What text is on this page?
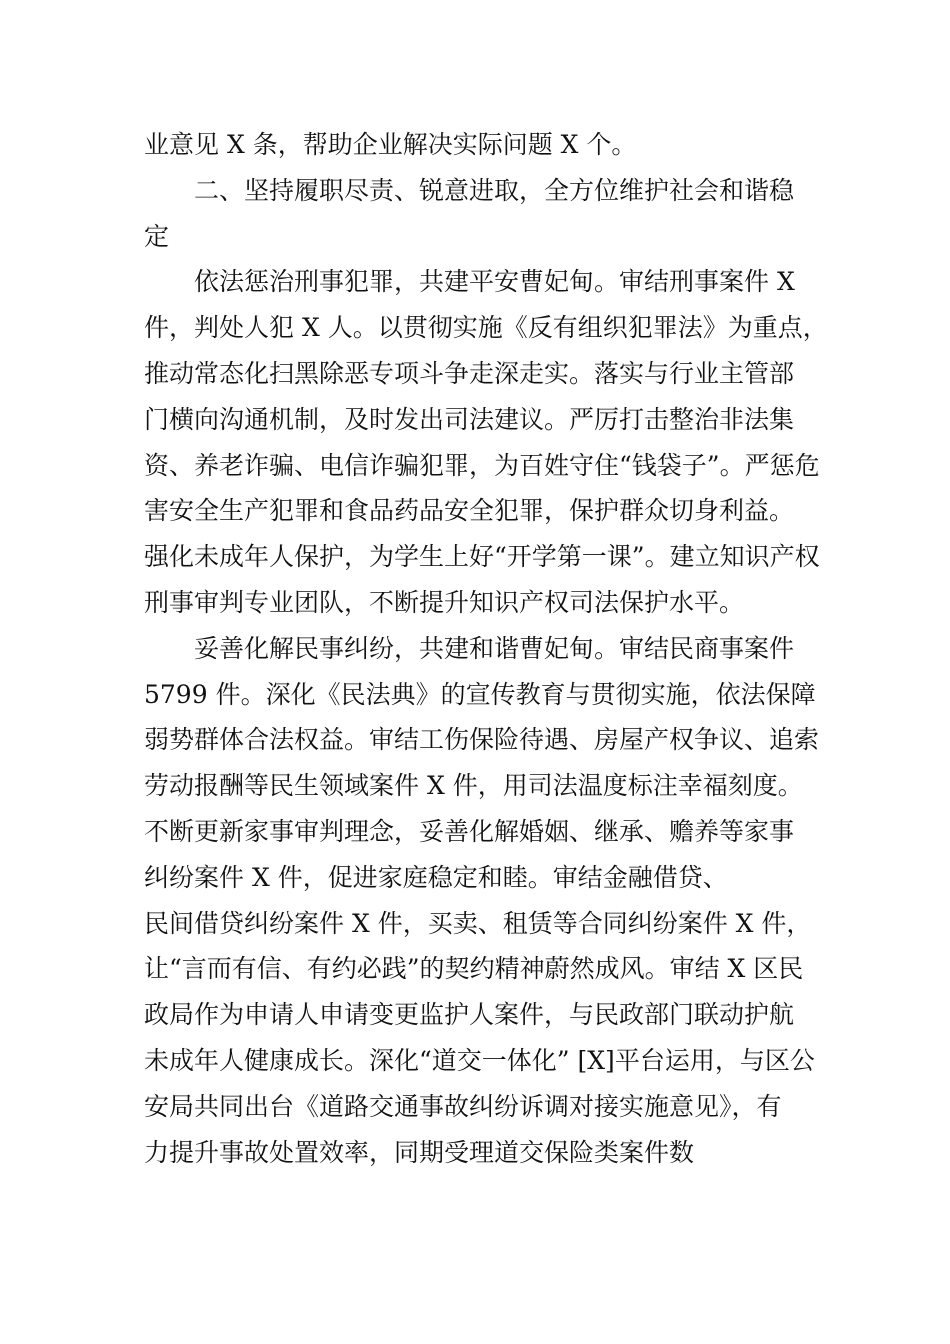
业意见 X 条，帮助企业解决实际问题 X 个。
二、坚持履职尽责、锐意进取，全方位维护社会和谐稳
定
依法惩治刑事犯罪，共建平安曹妃甸。审结刑事案件 X
件，判处人犯 X 人。以贯彻实施《反有组织犯罪法》为重点，
推动常态化扫黑除恶专项斗争走深走实。落实与行业主管部
门横向沟通机制，及时发出司法建议。严厉打击整治非法集
资、养老诈骗、电信诈骗犯罪，为百姓守住“钱袋子”。严惩危
害安全生产犯罪和食品药品安全犯罪，保护群众切身利益。
强化未成年人保护，为学生上好“开学第一课”。建立知识产权
刑事审判专业团队，不断提升知识产权司法保护水平。
妥善化解民事纠纷，共建和谐曹妃甸。审结民商事案件
5799 件。深化《民法典》的宣传教育与贯彻实施，依法保障
弱势群体合法权益。审结工伤保险待遇、房屋产权争议、追索
劳动报酬等民生领域案件 X 件，用司法温度标注幸福刻度。
不断更新家事审判理念，妥善化解婚姻、继承、赡养等家事
纠纷案件 X 件，促进家庭稳定和睦。审结金融借贷、
民间借贷纠纷案件 X 件，买卖、租赁等合同纠纷案件 X 件，
让“言而有信、有约必践”的契约精神蔚然成风。审结 X 区民
政局作为申请人申请变更监护人案件，与民政部门联动护航
未成年人健康成长。深化“道交一体化” [X]平台运用，与区公
安局共同出台《道路交通事故纠纷诉调对接实施意见》，有
力提升事故处置效率，同期受理道交保险类案件数
